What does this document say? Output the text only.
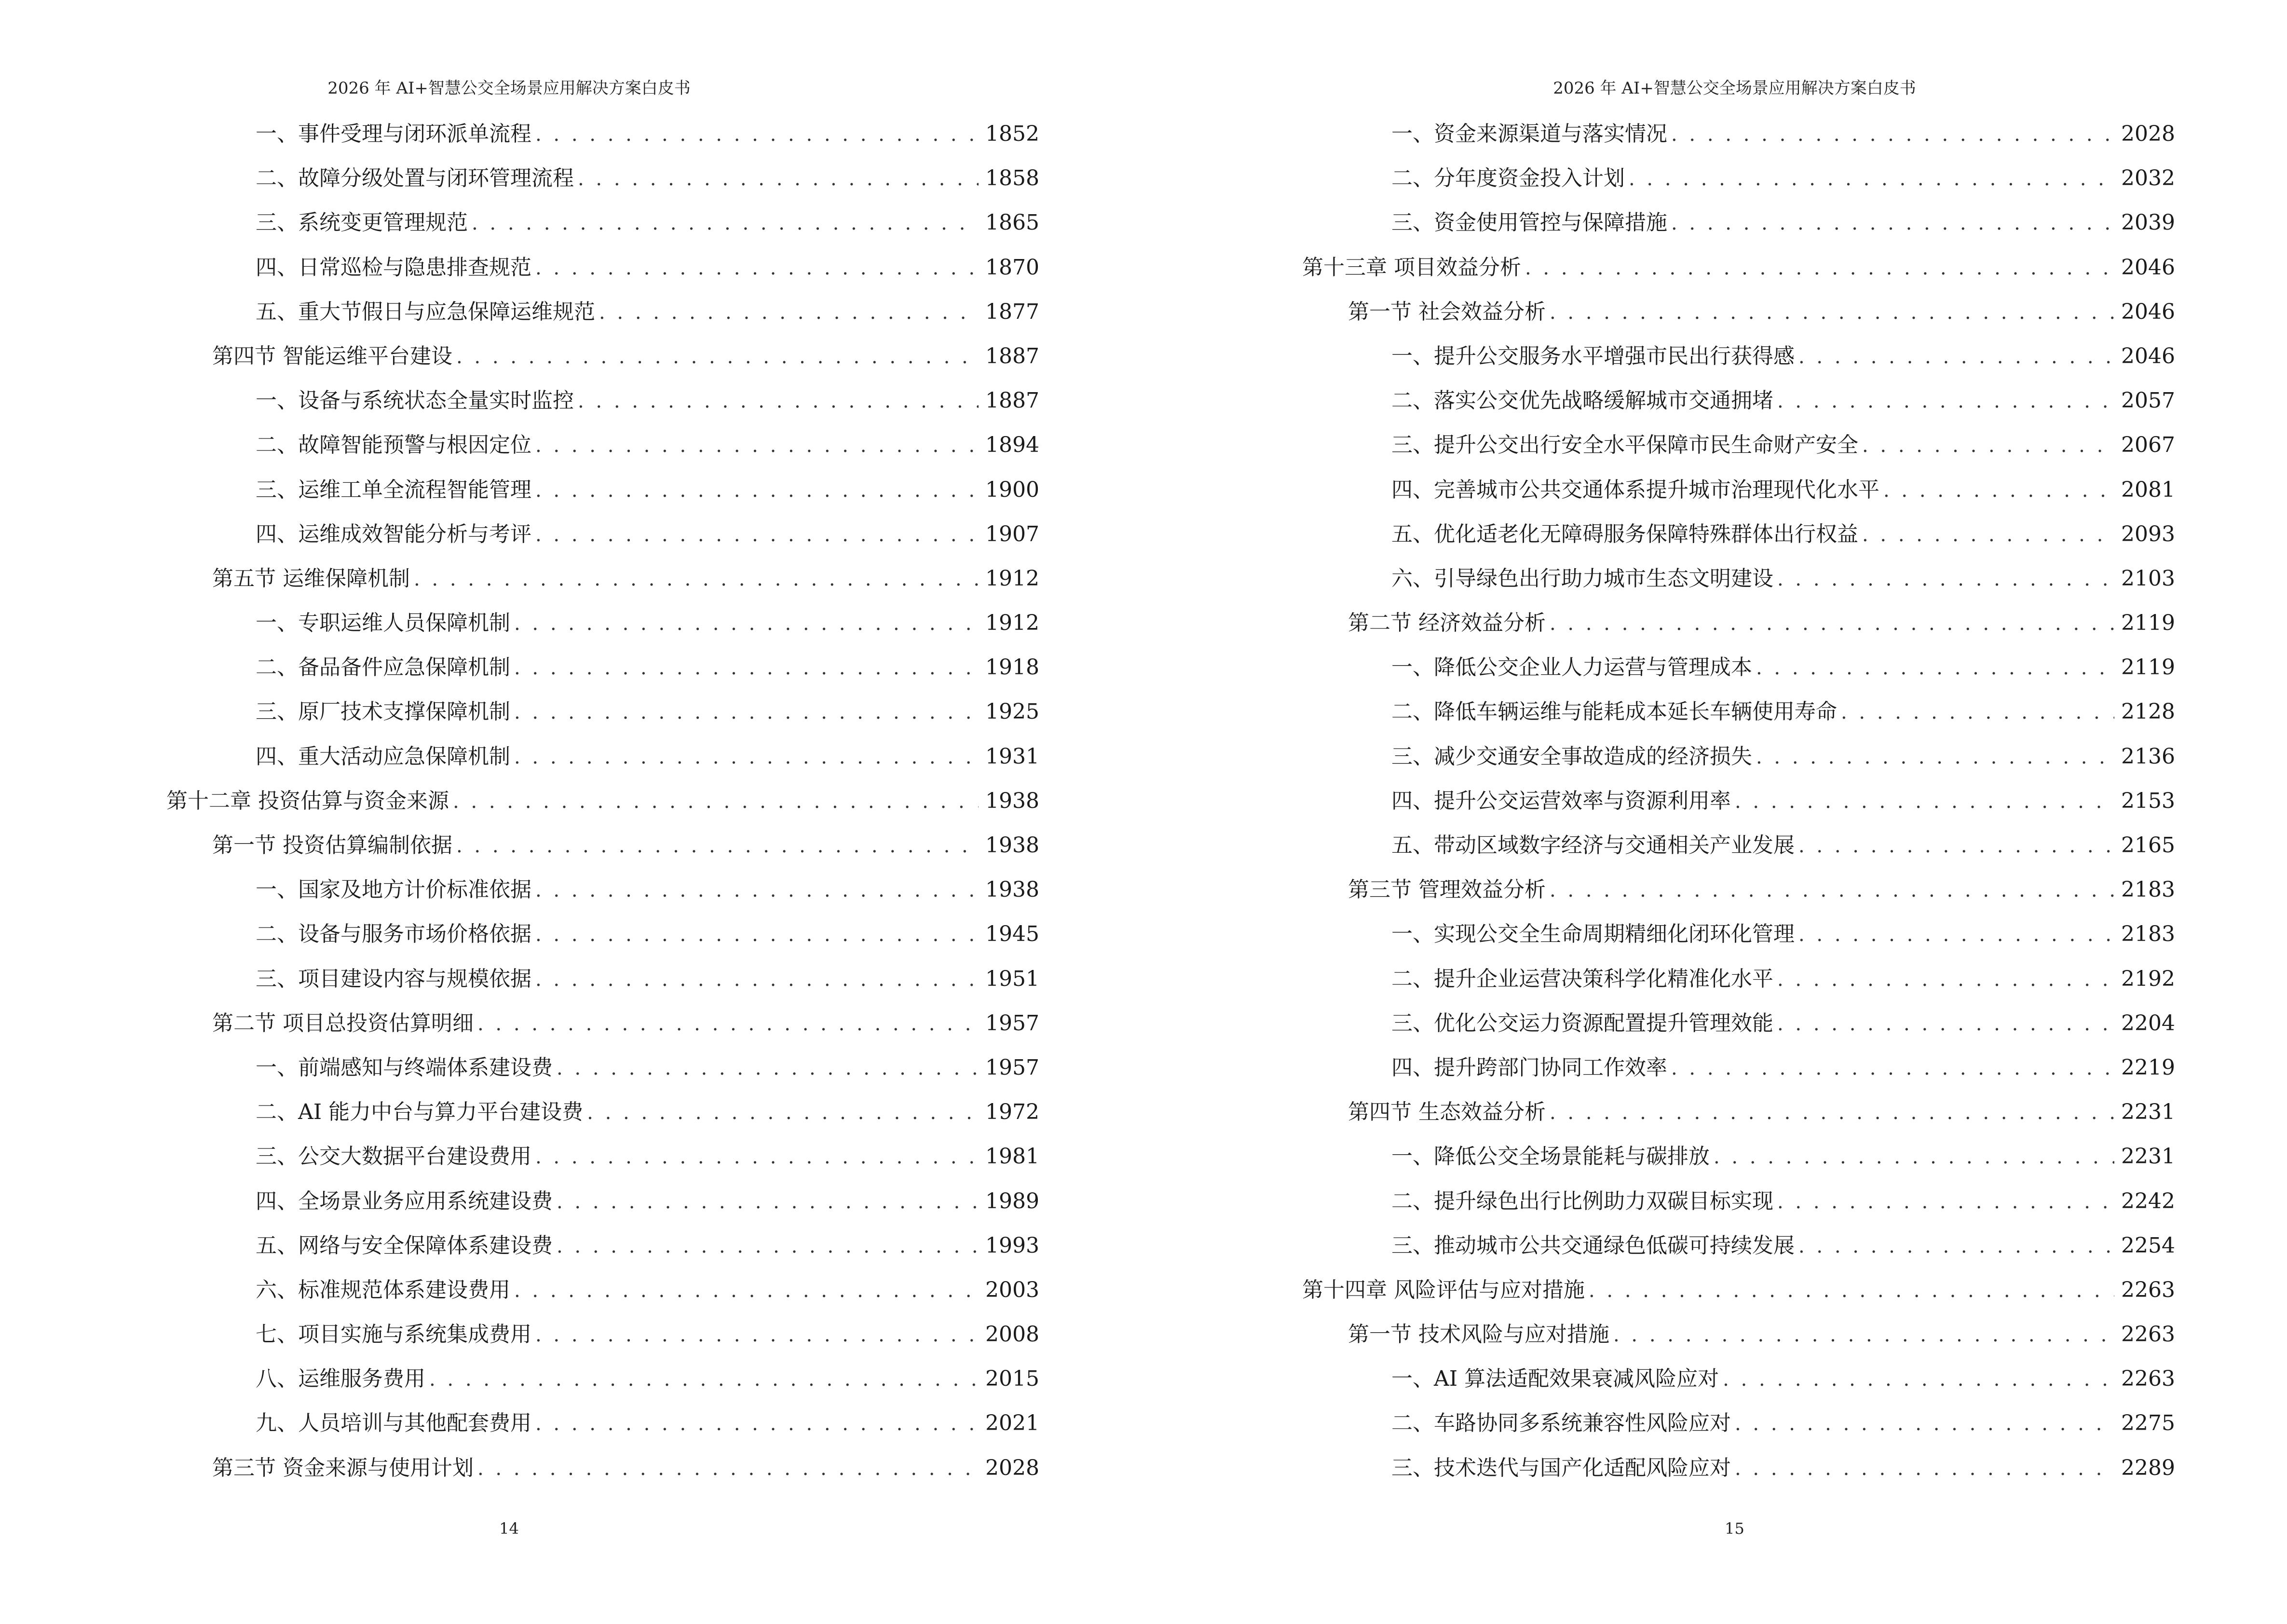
2026 年 AI+智慧公交全场景应用解决方案白皮书
一、事件受理与闭环派单流程 . . .	1852
二、故障分级处置与闭环管理流程 . . .	1858
三、系统变更管理规范 . . .	1865
四、日常巡检与隐患排查规范 . . .	1870
五、重大节假日与应急保障运维规范 . . .	1877
第四节 智能运维平台建设 . . .	1887
一、设备与系统状态全量实时监控 . . .	1887
二、故障智能预警与根因定位 . . .	1894
三、运维工单全流程智能管理 . . .	1900
四、运维成效智能分析与考评 . . .	1907
第五节 运维保障机制 . . .	1912
一、专职运维人员保障机制 . . .	1912
二、备品备件应急保障机制 . . .	1918
三、原厂技术支撑保障机制 . . .	1925
四、重大活动应急保障机制 . . .	1931
第十二章 投资估算与资金来源 . . .	1938
第一节 投资估算编制依据 . . .	1938
一、国家及地方计价标准依据 . . .	1938
二、设备与服务市场价格依据 . . .	1945
三、项目建设内容与规模依据 . . .	1951
第二节 项目总投资估算明细 . . .	1957
一、前端感知与终端体系建设费 . . .	1957
二、AI 能力中台与算力平台建设费 . . .	1972
三、公交大数据平台建设费用 . . .	1981
四、全场景业务应用系统建设费 . . .	1989
五、网络与安全保障体系建设费 . . .	1993
六、标准规范体系建设费用 . . .	2003
七、项目实施与系统集成费用 . . .	2008
八、运维服务费用 . . .	2015
九、人员培训与其他配套费用 . . .	2021
第三节 资金来源与使用计划 . . .	2028
14
2026 年 AI+智慧公交全场景应用解决方案白皮书
一、资金来源渠道与落实情况 . . .	2028
二、分年度资金投入计划 . . .	2032
三、资金使用管控与保障措施 . . .	2039
第十三章 项目效益分析 . . .	2046
第一节 社会效益分析 . . .	2046
一、提升公交服务水平增强市民出行获得感 . . .	2046
二、落实公交优先战略缓解城市交通拥堵 . . .	2057
三、提升公交出行安全水平保障市民生命财产安全 . . .	2067
四、完善城市公共交通体系提升城市治理现代化水平 . . .	2081
五、优化适老化无障碍服务保障特殊群体出行权益 . . .	2093
六、引导绿色出行助力城市生态文明建设 . . .	2103
第二节 经济效益分析 . . .	2119
一、降低公交企业人力运营与管理成本 . . .	2119
二、降低车辆运维与能耗成本延长车辆使用寿命 . . .	2128
三、减少交通安全事故造成的经济损失 . . .	2136
四、提升公交运营效率与资源利用率 . . .	2153
五、带动区域数字经济与交通相关产业发展 . . .	2165
第三节 管理效益分析 . . .	2183
一、实现公交全生命周期精细化闭环化管理 . . .	2183
二、提升企业运营决策科学化精准化水平 . . .	2192
三、优化公交运力资源配置提升管理效能 . . .	2204
四、提升跨部门协同工作效率 . . .	2219
第四节 生态效益分析 . . .	2231
一、降低公交全场景能耗与碳排放 . . .	2231
二、提升绿色出行比例助力双碳目标实现 . . .	2242
三、推动城市公共交通绿色低碳可持续发展 . . .	2254
第十四章 风险评估与应对措施 . . .	2263
第一节 技术风险与应对措施 . . .	2263
一、AI 算法适配效果衰减风险应对 . . .	2263
二、车路协同多系统兼容性风险应对 . . .	2275
三、技术迭代与国产化适配风险应对 . . .	2289
15
